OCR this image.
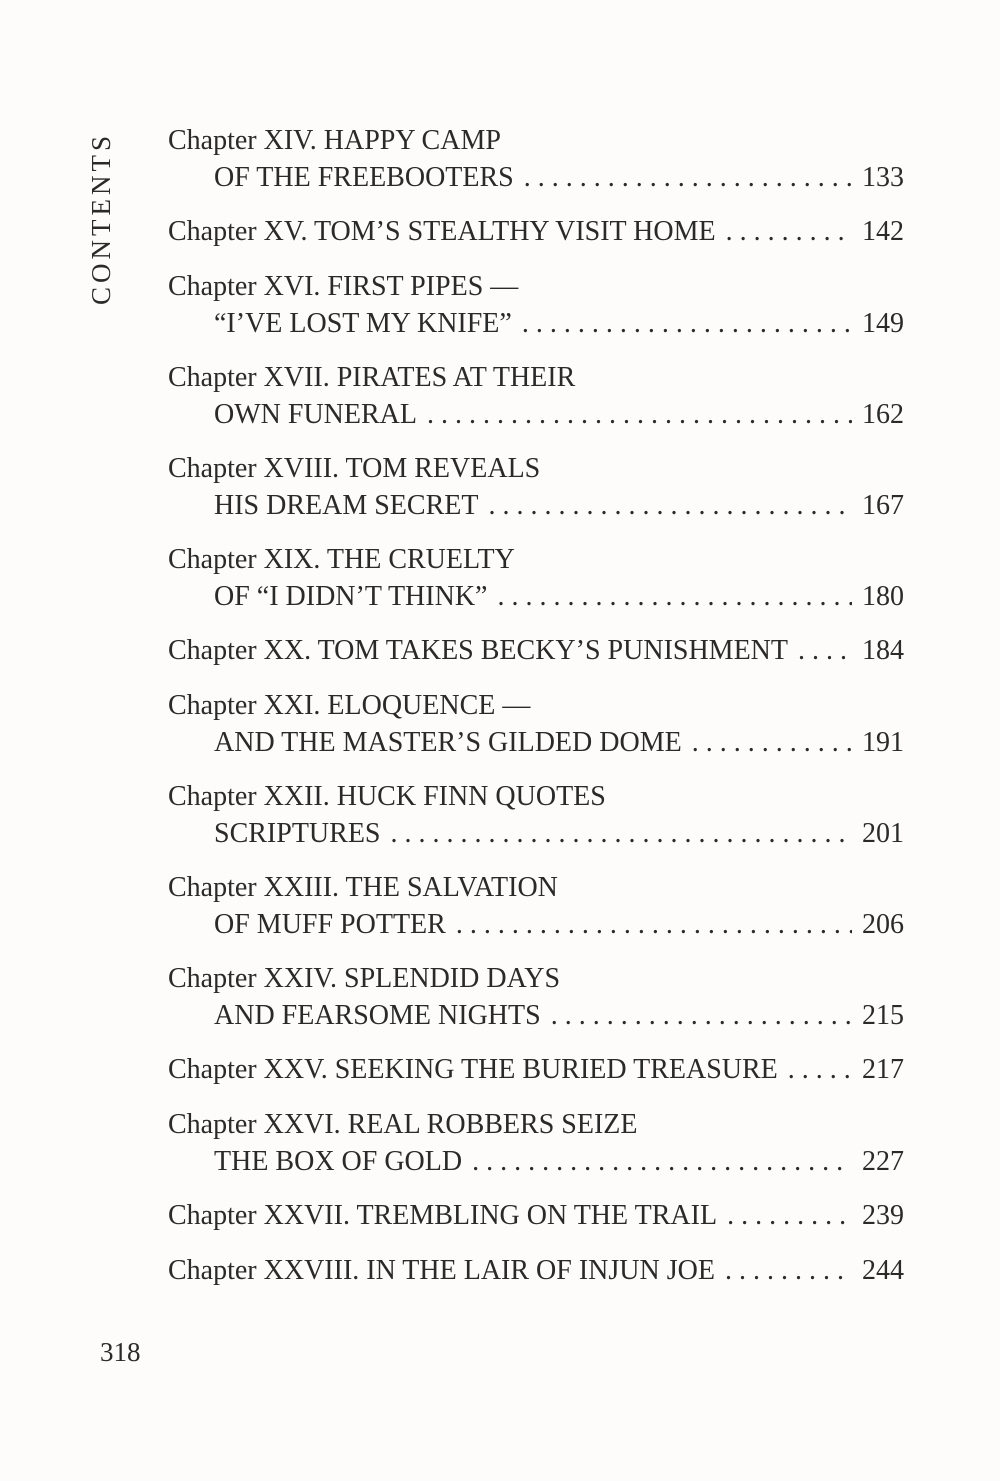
CONTENTS Chapter XIV. HAPPY CAMP
OF THE FREEBOOTERS . . .	133
Chapter XV. TOM’S STEALTHY VISIT HOME . . .	142
Chapter XVI. FIRST PIPES —
“I’VE LOST MY KNIFE” . . .	149
Chapter XVII. PIRATES AT THEIR
OWN FUNERAL . . .	162
Chapter XVIII. TOM REVEALS
HIS DREAM SECRET . . .	167
Chapter XIX. THE CRUELTY
OF “I DIDN’T THINK” . . .	180
Chapter XX. TOM TAKES BECKY’S PUNISHMENT . . .	184
Chapter XXI. ELOQUENCE —
AND THE MASTER’S GILDED DOME . . .	191
Chapter XXII. HUCK FINN QUOTES
SCRIPTURES . . .	201
Chapter XXIII. THE SALVATION
OF MUFF POTTER . . .	206
Chapter XXIV. SPLENDID DAYS
AND FEARSOME NIGHTS . . .	215
Chapter XXV. SEEKING THE BURIED TREASURE . . .	217
Chapter XXVI. REAL ROBBERS SEIZE
THE BOX OF GOLD . . .	227
Chapter XXVII. TREMBLING ON THE TRAIL . . .	239
Chapter XXVIII. IN THE LAIR OF INJUN JOE . . .	244
318
